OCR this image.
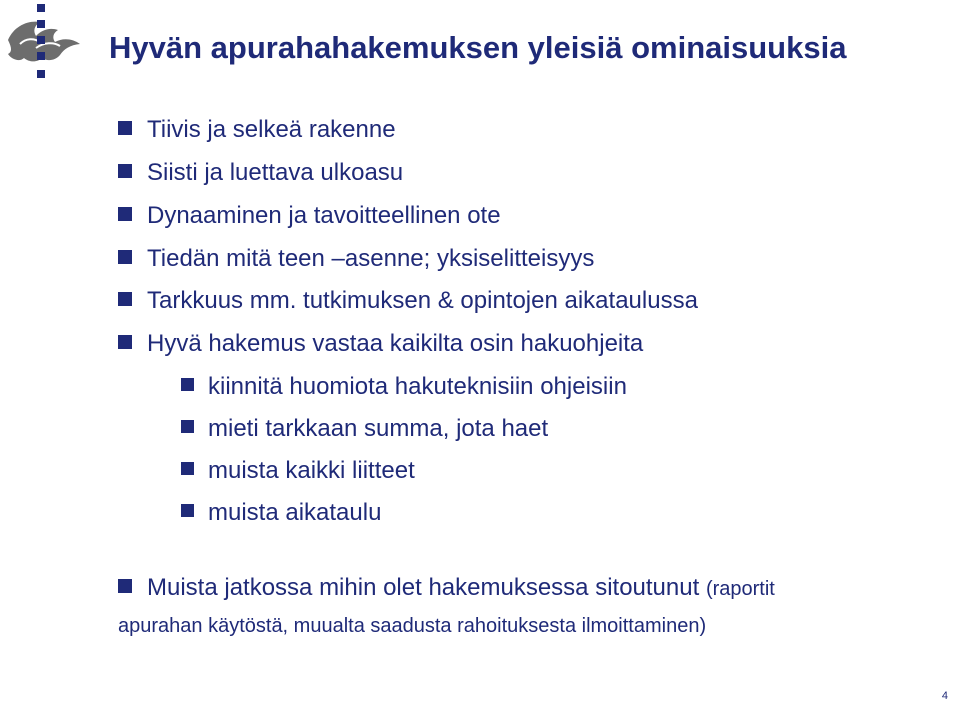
Hyvän apurahahakemuksen yleisiä ominaisuuksia
Tiivis ja selkeä rakenne
Siisti ja luettava ulkoasu
Dynaaminen ja tavoitteellinen ote
Tiedän mitä teen –asenne; yksiselitteisyys
Tarkkuus mm. tutkimuksen & opintojen aikataulussa
Hyvä hakemus vastaa kaikilta osin hakuohjeita
kiinnitä huomiota hakuteknisiin ohjeisiin
mieti tarkkaan summa, jota haet
muista kaikki liitteet
muista aikataulu
Muista jatkossa mihin olet hakemuksessa sitoutunut (raportit
apurahan käytöstä, muualta saadusta rahoituksesta ilmoittaminen)
4
